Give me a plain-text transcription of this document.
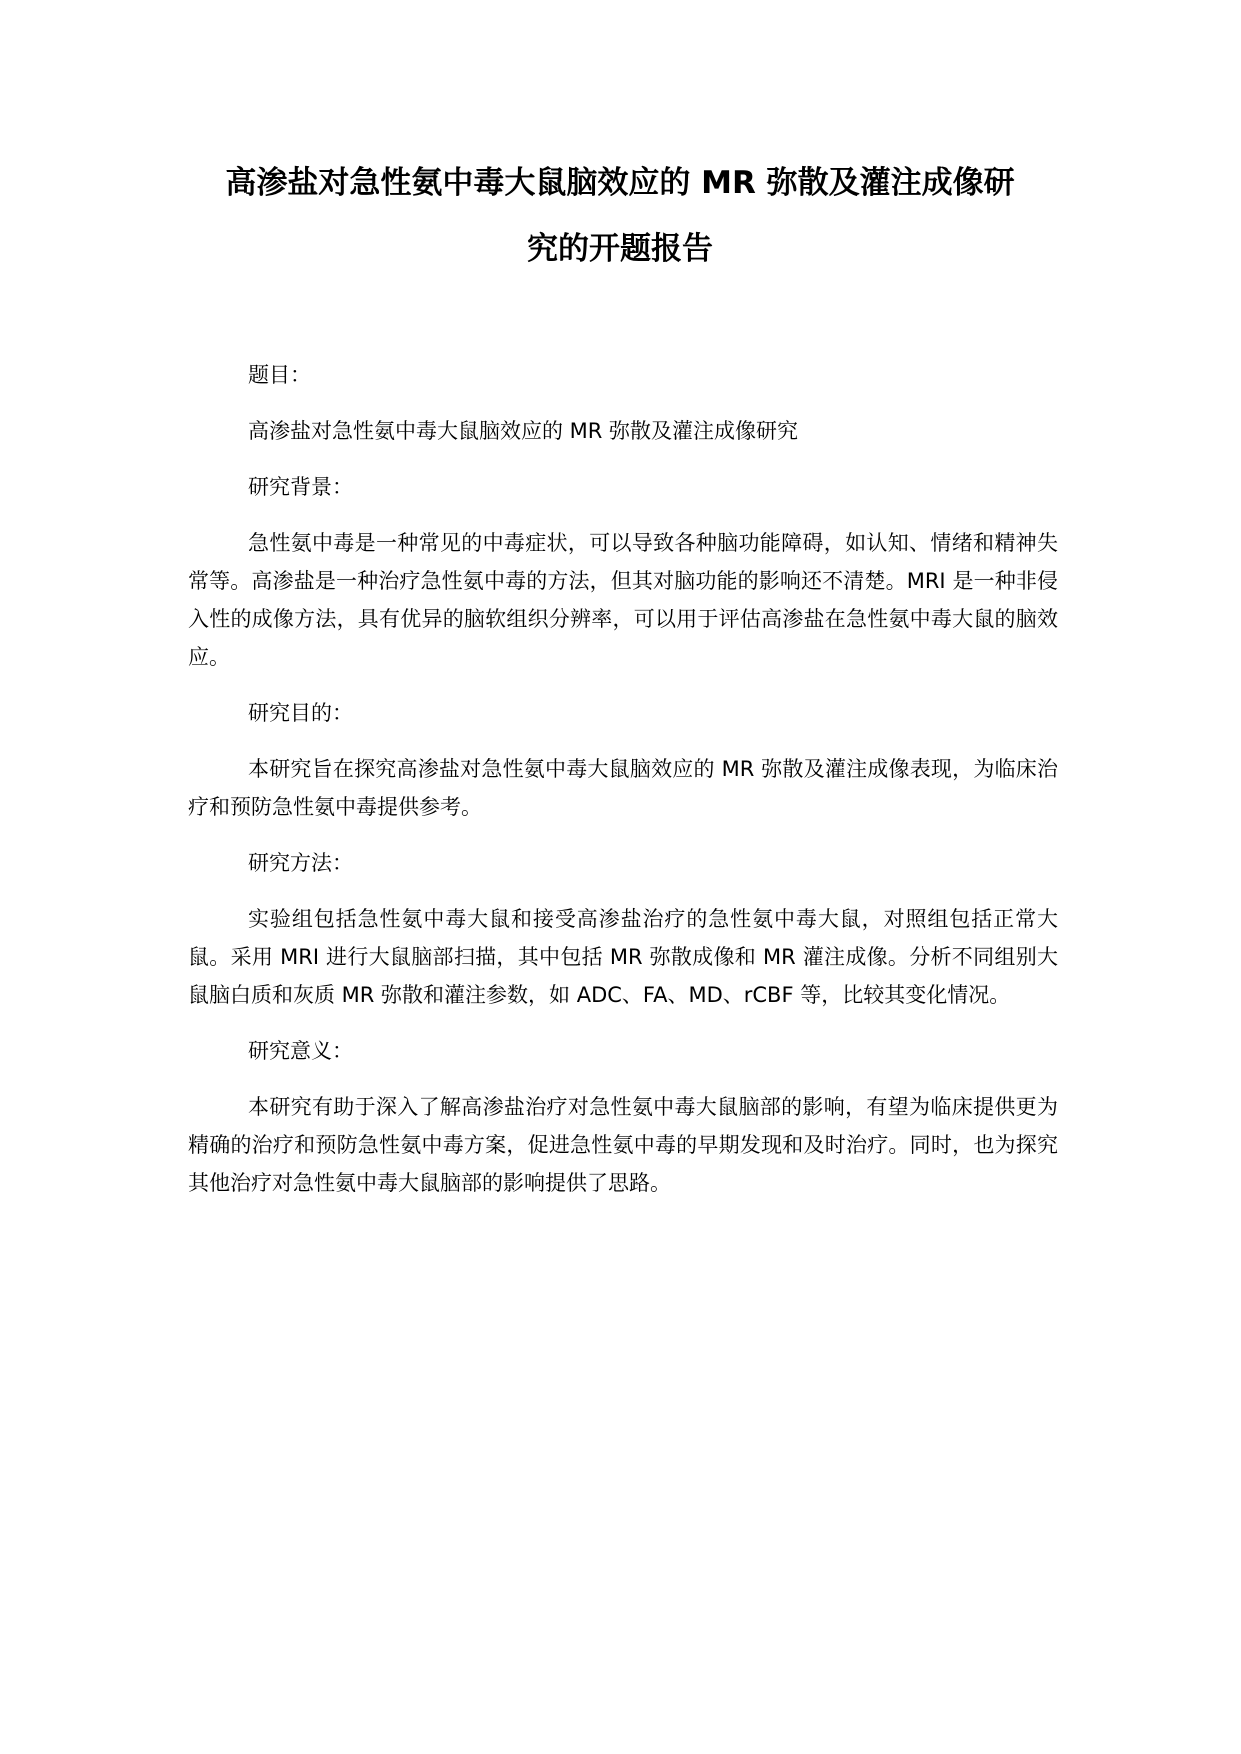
高渗盐对急性氨中毒大鼠脑效应的 MR 弥散及灌注成像研
究的开题报告

题目：

高渗盐对急性氨中毒大鼠脑效应的 MR 弥散及灌注成像研究

研究背景：

急性氨中毒是一种常见的中毒症状，可以导致各种脑功能障碍，如认知、情绪和精神失常等。高渗盐是一种治疗急性氨中毒的方法，但其对脑功能的影响还不清楚。MRI 是一种非侵入性的成像方法，具有优异的脑软组织分辨率，可以用于评估高渗盐在急性氨中毒大鼠的脑效应。

研究目的：

本研究旨在探究高渗盐对急性氨中毒大鼠脑效应的 MR 弥散及灌注成像表现，为临床治疗和预防急性氨中毒提供参考。

研究方法：

实验组包括急性氨中毒大鼠和接受高渗盐治疗的急性氨中毒大鼠，对照组包括正常大鼠。采用 MRI 进行大鼠脑部扫描，其中包括 MR 弥散成像和 MR 灌注成像。分析不同组别大鼠脑白质和灰质 MR 弥散和灌注参数，如 ADC、FA、MD、rCBF 等，比较其变化情况。

研究意义：

本研究有助于深入了解高渗盐治疗对急性氨中毒大鼠脑部的影响，有望为临床提供更为精确的治疗和预防急性氨中毒方案，促进急性氨中毒的早期发现和及时治疗。同时，也为探究其他治疗对急性氨中毒大鼠脑部的影响提供了思路。
